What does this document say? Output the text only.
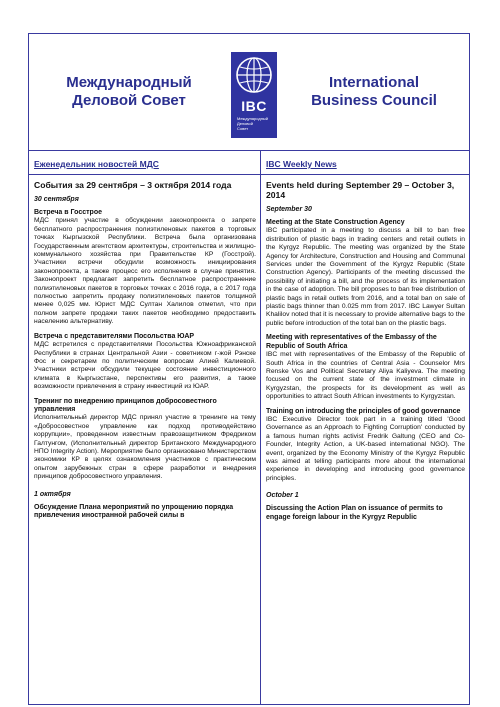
Международный
Деловой Совет	IBC
Международный
Деловой
Совет
International
Business Council
Еженедельник новостей МДС
События за 29 сентября – 3 октября 2014 года
30 сентября
Встреча в Госстрое

МДС принял участие в обсуждении законопроекта о запрете бесплатного распространения полиэтиленовых пакетов в торговых точках Кыргызской Республики. Встреча была организована Государственным агентством архитектуры, строительства и жилищно-коммунального хозяйства при Правительстве КР (Госстрой). Участники встречи обсудили возможность инициирования законопроекта, а также процесс его исполнения в случае принятия. Законопроект предлагает запретить бесплатное распространение полиэтиленовых пакетов в торговых точках с 2016 года, а с 2017 года полностью запретить продажу полиэтиленовых пакетов толщиной менее 0,025 мм. Юрист МДС Султан Халилов отметил, что при полном запрете продажи таких пакетов необходимо предоставить населению альтернативу.

Встреча с представителями Посольства ЮАР

МДС встретился с представителями Посольства Южноафриканской Республики в странах Центральной Азии - советником г-жой Рэнске Фос и секретарем по политическим вопросам Алией Калиевой. Участники встречи обсудили текущее состояние инвестиционного климата в Кыргызстане, перспективы его развития, а также возможности привлечения в страну инвестиций из ЮАР.

Тренинг по внедрению принципов добросовестного управления

Исполнительный директор МДС принял участие в тренинге на тему «Добросовестное управление как подход противодействию коррупции», проведенном известным правозащитником Фредриком Галтунгом, (Исполнительный директор Британского Международного НПО Integrity Action). Мероприятие было организовано Министерством экономики КР в целях ознакомления участников с практическим опытом зарубежных стран в сфере разработки и внедрения принципов добросовестного управления.

1 октября
Обсуждение Плана мероприятий по упрощению порядка привлечения иностранной рабочей силы в
IBC Weekly News
Events held during September 29 – October 3, 2014
September 30
Meeting at the State Construction Agency

IBC participated in a meeting to discuss a bill to ban free distribution of plastic bags in trading centers and retail outlets in the Kyrgyz Republic. The meeting was organized by the State Agency for Architecture, Construction and Housing and Communal Services under the Government of the Kyrgyz Republic (State Construction Agency). Participants of the meeting discussed the possibility of initiating a bill, and the process of its implementation in the case of adoption. The bill proposes to ban free distribution of plastic bags in retail outlets from 2016, and a total ban on sale of plastic bags thinner than 0.025 mm from 2017. IBC Lawyer Sultan Khalilov noted that it is necessary to provide alternative bags to the public before introduction of the total ban on the plastic bags.

Meeting with representatives of the Embassy of the Republic of South Africa

IBC met with representatives of the Embassy of the Republic of South Africa in the countries of Central Asia - Counselor Mrs Renske Vos and Political Secretary Aliya Kaliyeva. The meeting focused on the current state of the investment climate in Kyrgyzstan, the prospects for its development as well as opportunities to attract South African investments to Kyrgyzstan.

Training on introducing the principles of good governance

IBC Executive Director took part in a training titled 'Good Governance as an Approach to Fighting Corruption' conducted by a famous human rights activist Fredrik Galtung (CEO and Co-Founder, Integrity Action, a UK-based international NGO). The event, organized by the Economy Ministry of the Kyrgyz Republic was aimed at telling participants more about the international experience in developing and introducing good governance principles.

October 1
Discussing the Action Plan on issuance of permits to engage foreign labour in the Kyrgyz Republic
